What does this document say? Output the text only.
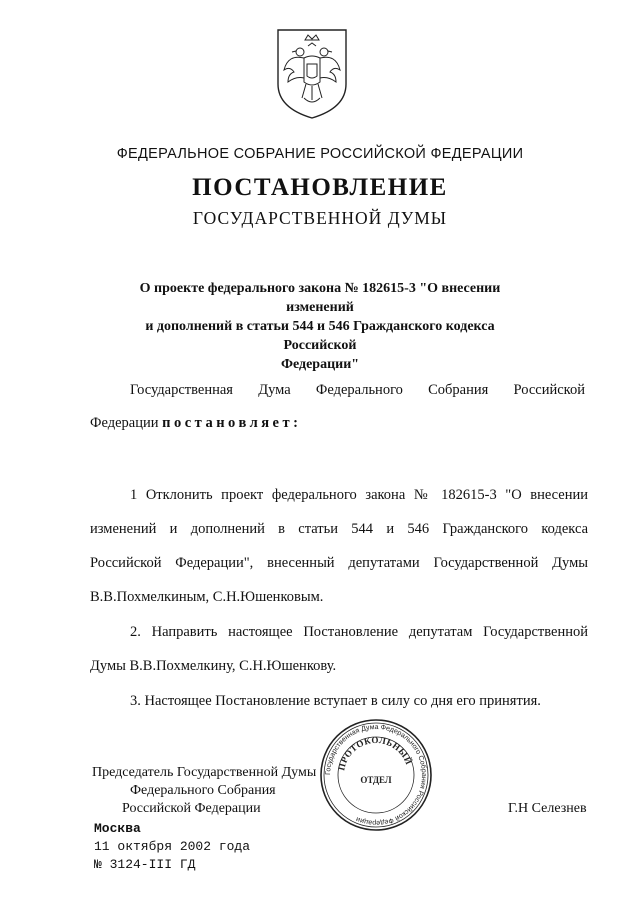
ФЕДЕРАЛЬНОЕ СОБРАНИЕ РОССИЙСКОЙ ФЕДЕРАЦИИ
ПОСТАНОВЛЕНИЕ
ГОСУДАРСТВЕННОЙ ДУМЫ
О проекте федерального закона № 182615-3 "О внесении изменений
и дополнений в статьи 544 и 546 Гражданского кодекса Российской
Федерации"
Государственная Дума Федерального Собрания Российской
Федерации постановляет:
1 Отклонить проект федерального закона № 182615-3 "О внесении
изменений и дополнений в статьи 544 и 546 Гражданского кодекса
Российской Федерации", внесенный депутатами Государственной Думы
В.В.Похмелкиным, С.Н.Юшенковым.
2. Направить настоящее Постановление депутатам Государственной
Думы В.В.Похмелкину, С.Н.Юшенкову.
3. Настоящее Постановление вступает в силу со дня его принятия.
Председатель Государственной Думы
Федерального Собрания
Российской Федерации	Г.Н Селезнев
Государственная Дума Федерального Собрания Российской Федерации
ПРОТОКОЛЬНЫЙ
ОТДЕЛ
Москва
11 октября 2002 года
№ 3124-III ГД
